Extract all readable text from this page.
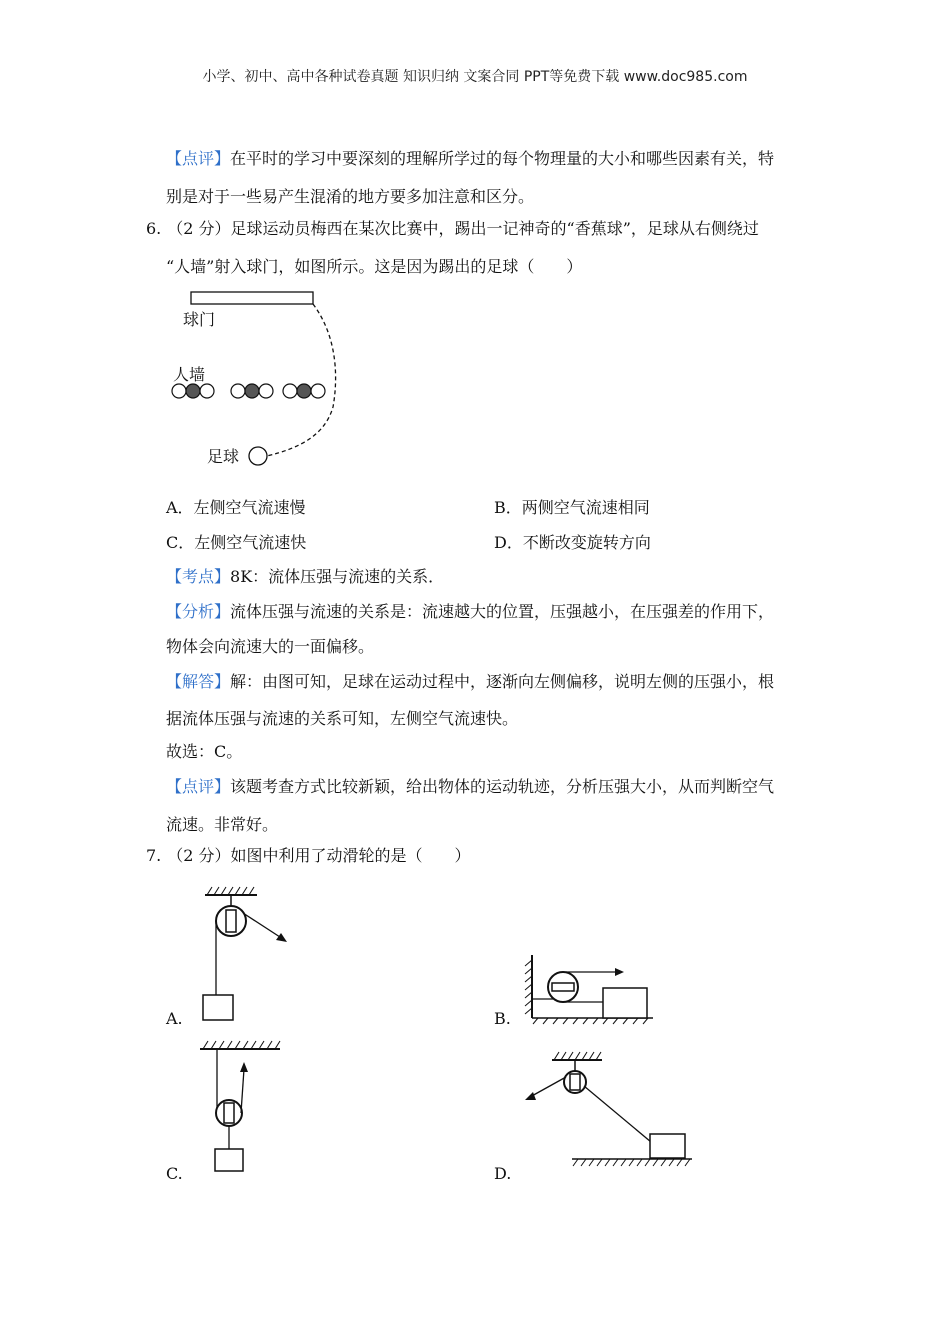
小学、初中、高中各种试卷真题 知识归纳 文案合同 PPT等免费下载 www.doc985.com
【点评】在平时的学习中要深刻的理解所学过的每个物理量的大小和哪些因素有关，特
别是对于一些易产生混淆的地方要多加注意和区分。
6. （2 分）足球运动员梅西在某次比赛中，踢出一记神奇的“香蕉球”，足球从右侧绕过
“人墙”射入球门，如图所示。这是因为踢出的足球（　　）
球门
人墙
足球
A．左侧空气流速慢	B．两侧空气流速相同
C．左侧空气流速快	D．不断改变旋转方向
【考点】8K：流体压强与流速的关系．
【分析】流体压强与流速的关系是：流速越大的位置，压强越小，在压强差的作用下，
物体会向流速大的一面偏移。
【解答】解：由图可知，足球在运动过程中，逐渐向左侧偏移，说明左侧的压强小，根
据流体压强与流速的关系可知，左侧空气流速快。
故选：C。
【点评】该题考查方式比较新颖，给出物体的运动轨迹，分析压强大小，从而判断空气
流速。非常好。
7. （2 分）如图中利用了动滑轮的是（　　）
A.	B.
C.	D.
